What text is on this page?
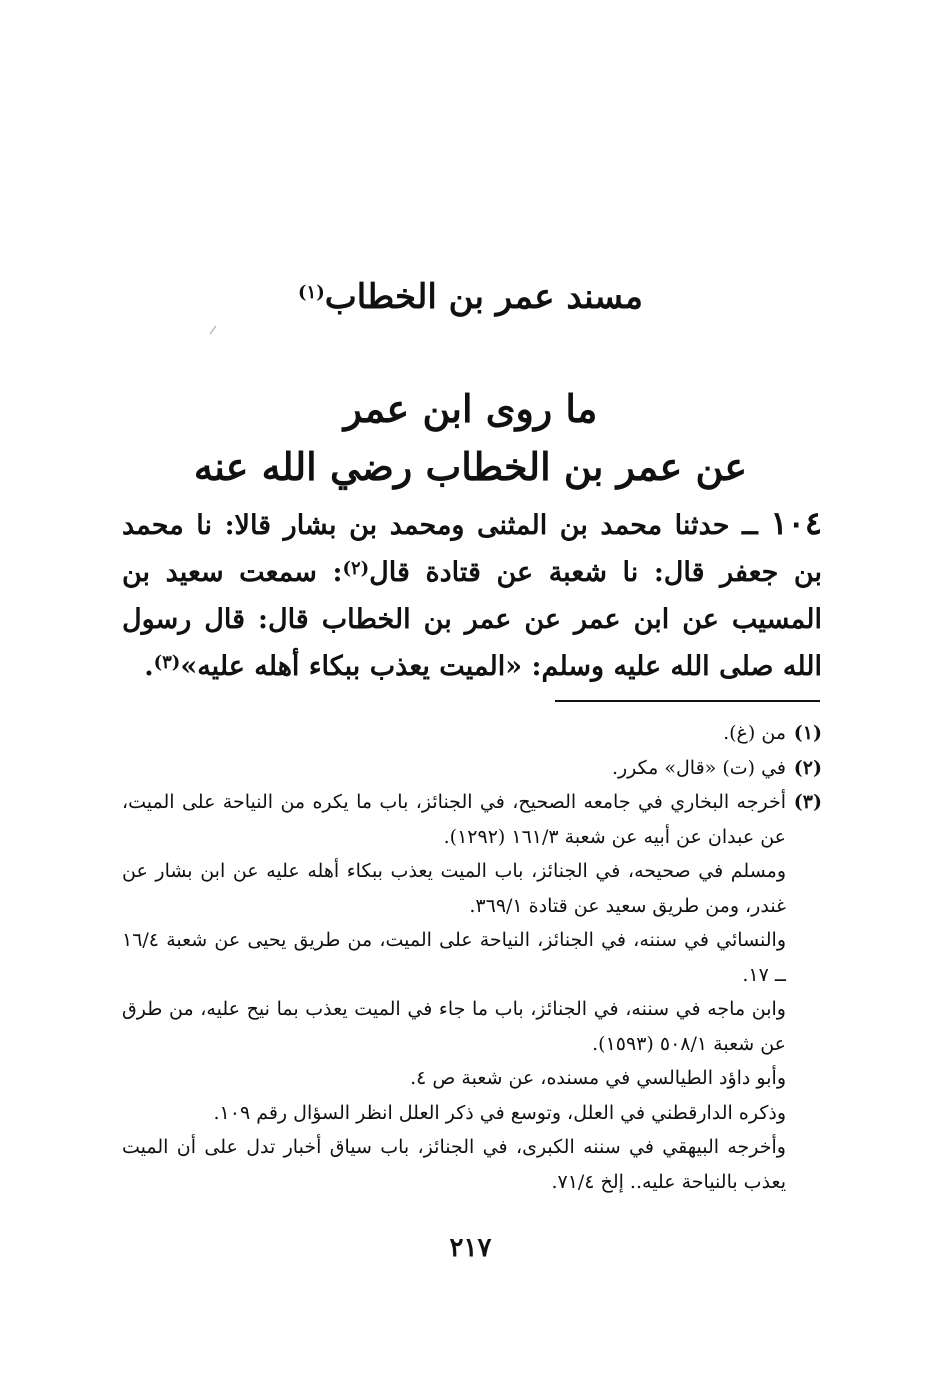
مسند عمر بن الخطاب$^{(١)}$
ما روى ابن عمر
عن عمر بن الخطاب رضي الله عنه
١٠٤ ــ حدثنا محمد بن المثنى ومحمد بن بشار قالا: نا محمد بن جعفر قال: نا شعبة عن قتادة قال$^{(٢)}$: سمعت سعيد بن المسيب عن ابن عمر عن عمر بن الخطاب قال: قال رسول الله صلى الله عليه وسلم: «الميت يعذب ببكاء أهله عليه»$^{(٣)}$.
(١)
من (غ).
(٢)
في (ت) «قال» مكرر.
(٣)
أخرجه البخاري في جامعه الصحيح، في الجنائز، باب ما يكره من النياحة على الميت، عن عبدان عن أبيه عن شعبة ١٦١/٣ (١٢٩٢).
ومسلم في صحيحه، في الجنائز، باب الميت يعذب ببكاء أهله عليه عن ابن بشار عن غندر، ومن طريق سعيد عن قتادة ٣٦٩/١.
والنسائي في سننه، في الجنائز، النياحة على الميت، من طريق يحيى عن شعبة ١٦/٤ ــ ١٧.
وابن ماجه في سننه، في الجنائز، باب ما جاء في الميت يعذب بما نيح عليه، من طرق عن شعبة ٥٠٨/١ (١٥٩٣).
وأبو داؤد الطيالسي في مسنده، عن شعبة ص ٤.
وذكره الدارقطني في العلل، وتوسع في ذكر العلل انظر السؤال رقم ١٠٩.
وأخرجه البيهقي في سننه الكبرى، في الجنائز، باب سياق أخبار تدل على أن الميت يعذب بالنياحة عليه.. إلخ ٧١/٤.
٢١٧
